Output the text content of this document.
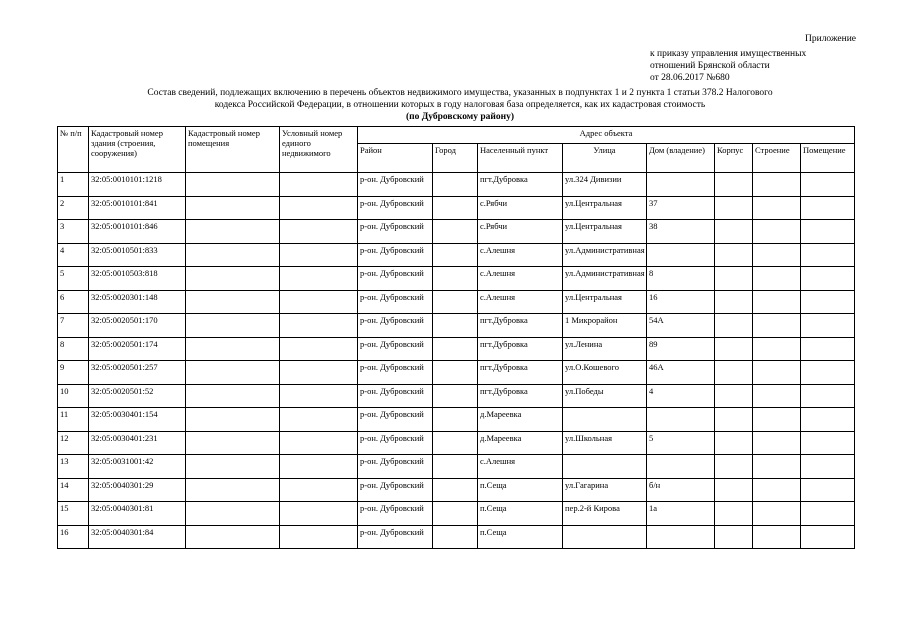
Приложение
к приказу управления имущественных
отношений Брянской области
от 28.06.2017 №680
Состав сведений, подлежащих включению в перечень объектов недвижимого имущества, указанных в подпунктах 1 и 2 пункта 1 статьи 378.2 Налогового
кодекса Российской Федерации, в отношении которых в году налоговая база определяется, как их кадастровая стоимость
(по Дубровскому району)
№ п/п	Кадастровый номер здания (строения, сооружения)	Кадастровый номер помещения	Условный номер единого недвижимого	Адрес объекта							
				Район	Город	Населенный пункт	Улица	Дом (владение)	Корпус	Строение	Помещение
1	32:05:0010101:1218			р-он. Дубровский		пгт.Дубровка	ул.324 Дивизии				
2	32:05:0010101:841			р-он. Дубровский		с.Рябчи	ул.Центральная	37			
3	32:05:0010101:846			р-он. Дубровский		с.Рябчи	ул.Центральная	38			
4	32:05:0010501:833			р-он. Дубровский		с.Алешня	ул.Административная				
5	32:05:0010503:818			р-он. Дубровский		с.Алешня	ул.Административная	8			
6	32:05:0020301:148			р-он. Дубровский		с.Алешня	ул.Центральная	16			
7	32:05:0020501:170			р-он. Дубровский		пгт.Дубровка	1 Микрорайон	54А			
8	32:05:0020501:174			р-он. Дубровский		пгт.Дубровка	ул.Ленина	89			
9	32:05:0020501:257			р-он. Дубровский		пгт.Дубровка	ул.О.Кошевого	46А			
10	32:05:0020501:52			р-он. Дубровский		пгт.Дубровка	ул.Победы	4			
11	32:05:0030401:154			р-он. Дубровский		д.Мареевка					
12	32:05:0030401:231			р-он. Дубровский		д.Мареевка	ул.Школьная	5			
13	32:05:0031001:42			р-он. Дубровский		с.Алешня					
14	32:05:0040301:29			р-он. Дубровский		п.Сеща	ул.Гагарина	б/н			
15	32:05:0040301:81			р-он. Дубровский		п.Сеща	пер.2-й Кирова	1а			
16	32:05:0040301:84			р-он. Дубровский		п.Сеща					
